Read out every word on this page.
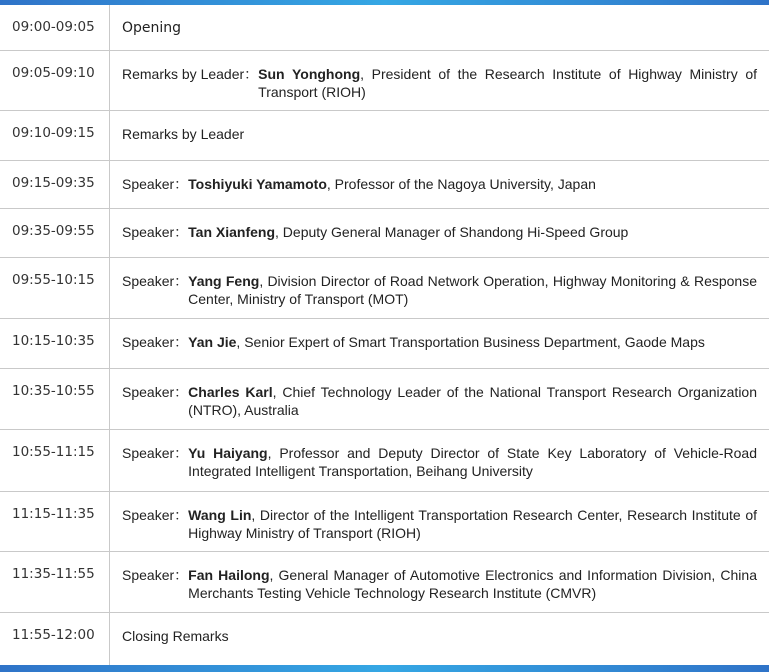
09:00-09:05	Opening
09:05-09:10	Remarks by Leader： Sun Yonghong, President of the Research Institute of Highway Ministry of Transport (RIOH)
09:10-09:15	Remarks by Leader
09:15-09:35	Speaker： Toshiyuki Yamamoto, Professor of the Nagoya University, Japan
09:35-09:55	Speaker： Tan Xianfeng, Deputy General Manager of Shandong Hi-Speed Group
09:55-10:15	Speaker： Yang Feng, Division Director of Road Network Operation, Highway Monitoring & Response Center, Ministry of Transport (MOT)
10:15-10:35	Speaker： Yan Jie, Senior Expert of Smart Transportation Business Department, Gaode Maps
10:35-10:55	Speaker： Charles Karl, Chief Technology Leader of the National Transport Research Organization (NTRO), Australia
10:55-11:15	Speaker： Yu Haiyang, Professor and Deputy Director of State Key Laboratory of Vehicle-Road Integrated Intelligent Transportation, Beihang University
11:15-11:35	Speaker： Wang Lin, Director of the Intelligent Transportation Research Center, Research Institute of Highway Ministry of Transport (RIOH)
11:35-11:55	Speaker： Fan Hailong, General Manager of Automotive Electronics and Information Division, China Merchants Testing Vehicle Technology Research Institute (CMVR)
11:55-12:00	Closing Remarks
